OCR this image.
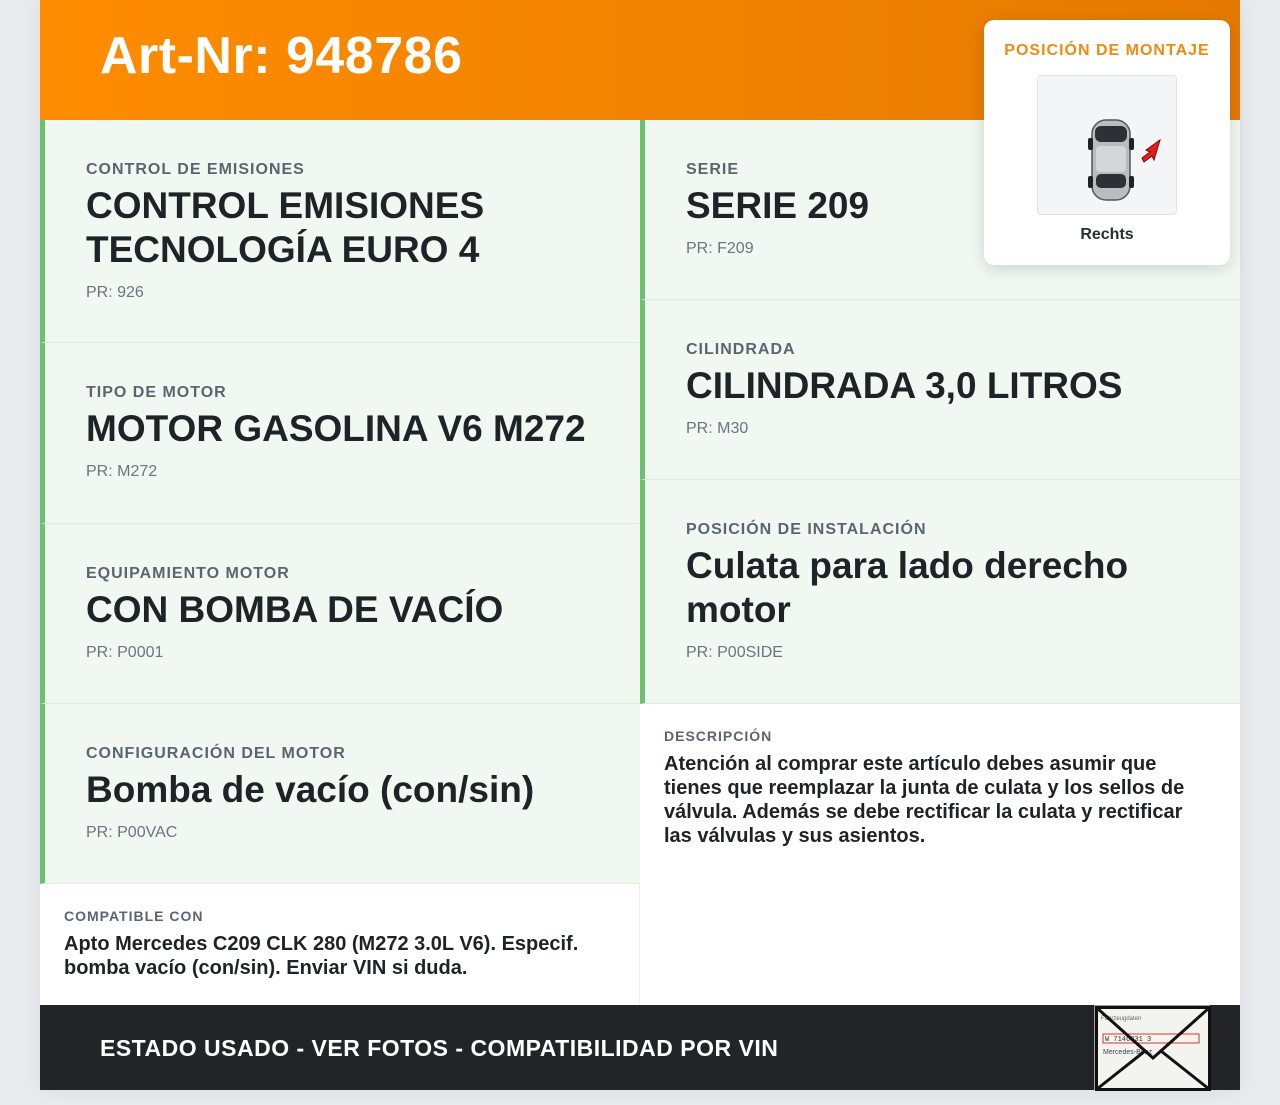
Art-Nr: 948786
CONTROL DE EMISIONES
CONTROL EMISIONES TECNOLOGÍA EURO 4
PR: 926
TIPO DE MOTOR
MOTOR GASOLINA V6 M272
PR: M272
EQUIPAMIENTO MOTOR
CON BOMBA DE VACÍO
PR: P0001
CONFIGURACIÓN DEL MOTOR
Bomba de vacío (con/sin)
PR: P00VAC
SERIE
SERIE 209
PR: F209
CILINDRADA
CILINDRADA 3,0 LITROS
PR: M30
POSICIÓN DE INSTALACIÓN
Culata para lado derecho motor
PR: P00SIDE
COMPATIBLE CON
Apto Mercedes C209 CLK 280 (M272 3.0L V6). Especif. bomba vacío (con/sin). Enviar VIN si duda.
DESCRIPCIÓN
Atención al comprar este artículo debes asumir que tienes que reemplazar la junta de culata y los sellos de válvula. Además se debe rectificar la culata y rectificar las válvulas y sus asientos.
ESTADO USADO - VER FOTOS - COMPATIBILIDAD POR VIN
Fahrzeugdaten
W 7146231 3
Mercedes-Benz
POSICIÓN DE MONTAJE
Rechts
